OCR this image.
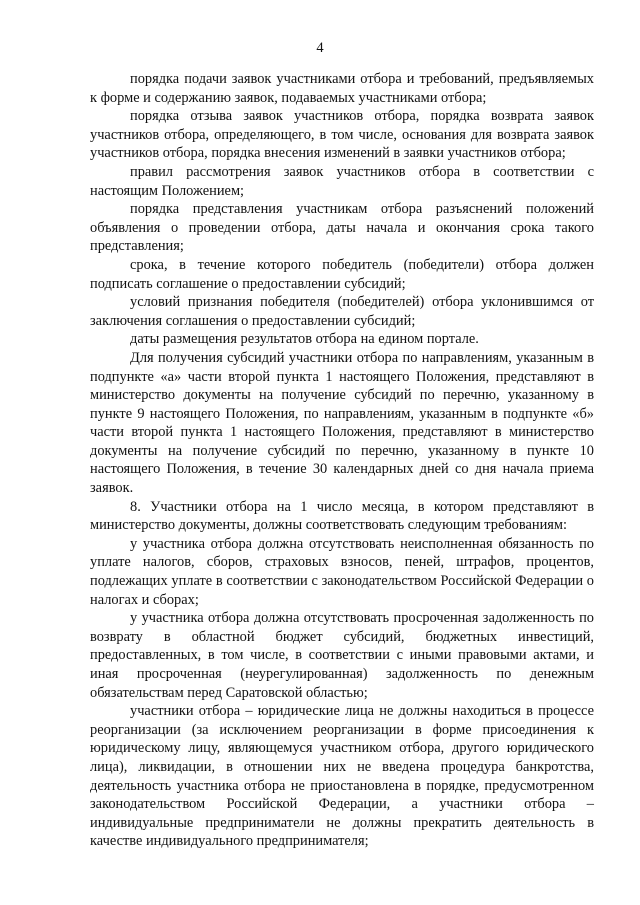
4

порядка подачи заявок участниками отбора и требований, предъявляемых к форме и содержанию заявок, подаваемых участниками отбора;

порядка отзыва заявок участников отбора, порядка возврата заявок участников отбора, определяющего, в том числе, основания для возврата заявок участников отбора, порядка внесения изменений в заявки участников отбора;

правил рассмотрения заявок участников отбора в соответствии с настоящим Положением;

порядка представления участникам отбора разъяснений положений объявления о проведении отбора, даты начала и окончания срока такого представления;

срока, в течение которого победитель (победители) отбора должен подписать соглашение о предоставлении субсидий;

условий признания победителя (победителей) отбора уклонившимся от заключения соглашения о предоставлении субсидий;

даты размещения результатов отбора на едином портале.

Для получения субсидий участники отбора по направлениям, указанным в подпункте «а» части второй пункта 1 настоящего Положения, представляют в министерство документы на получение субсидий по перечню, указанному в пункте 9 настоящего Положения, по направлениям, указанным в подпункте «б» части второй пункта 1 настоящего Положения, представляют в министерство документы на получение субсидий по перечню, указанному в пункте 10 настоящего Положения, в течение 30 календарных дней со дня начала приема заявок.

8. Участники отбора на 1 число месяца, в котором представляют в министерство документы, должны соответствовать следующим требованиям:

у участника отбора должна отсутствовать неисполненная обязанность по уплате налогов, сборов, страховых взносов, пеней, штрафов, процентов, подлежащих уплате в соответствии с законодательством Российской Федерации о налогах и сборах;

у участника отбора должна отсутствовать просроченная задолженность по возврату в областной бюджет субсидий, бюджетных инвестиций, предоставленных, в том числе, в соответствии с иными правовыми актами, и иная просроченная (неурегулированная) задолженность по денежным обязательствам перед Саратовской областью;

участники отбора – юридические лица не должны находиться в процессе реорганизации (за исключением реорганизации в форме присоединения к юридическому лицу, являющемуся участником отбора, другого юридического лица), ликвидации, в отношении них не введена процедура банкротства, деятельность участника отбора не приостановлена в порядке, предусмотренном законодательством Российской Федерации, а участники отбора – индивидуальные предприниматели не должны прекратить деятельность в качестве индивидуального предпринимателя;
